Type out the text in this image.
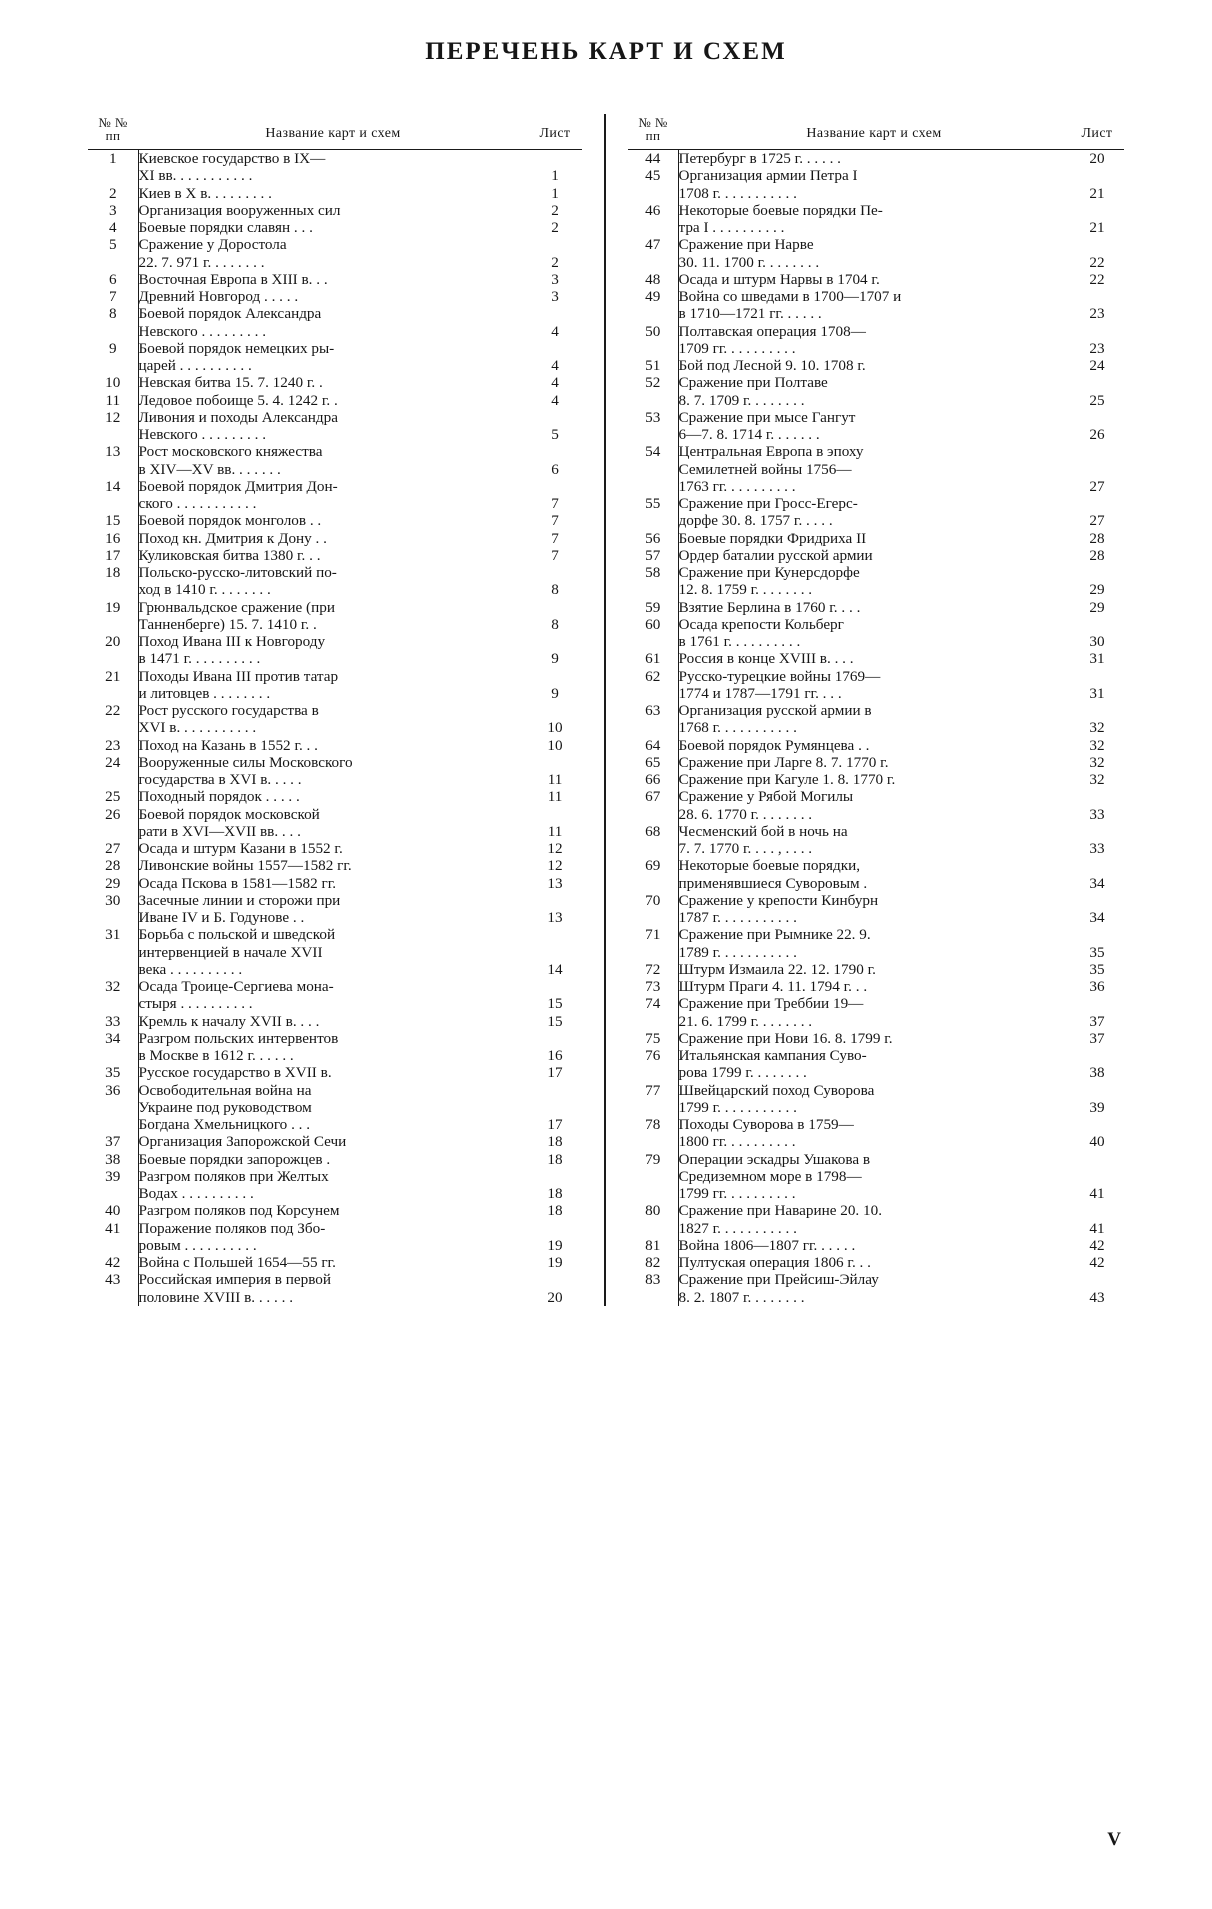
ПЕРЕЧЕНЬ КАРТ И СХЕМ
№ №
пп	Название карт и схем	Лист
1	Киевское государство в IX—
XI вв. . . . . . . . . . .	1

2	Киев в X в. . . . . . . . .	1

3	Организация вооруженных сил	2

4	Боевые порядки славян . . .	2

5	Сражение у Доростола
22. 7. 971 г. . . . . . . .	2

6	Восточная Европа в XIII в. . .	3

7	Древний Новгород . . . . .	3

8	Боевой порядок Александра
Невского . . . . . . . . .	4

9	Боевой порядок немецких ры-
царей . . . . . . . . . .	4

10	Невская битва 15. 7. 1240 г. .	4

11	Ледовое побоище 5. 4. 1242 г. .	4

12	Ливония и походы Александра
Невского . . . . . . . . .	5

13	Рост московского княжества
в XIV—XV вв. . . . . . .	6

14	Боевой порядок Дмитрия Дон-
ского . . . . . . . . . . .	7

15	Боевой порядок монголов . .	7

16	Поход кн. Дмитрия к Дону . .	7

17	Куликовская битва 1380 г. . .	7

18	Польско-русско-литовский по-
ход в 1410 г. . . . . . . .	8

19	Грюнвальдское сражение (при
Танненберге) 15. 7. 1410 г. .	8

20	Поход Ивана III к Новгороду
в 1471 г. . . . . . . . . .	9

21	Походы Ивана III против татар
и литовцев . . . . . . . .	9

22	Рост русского государства в
XVI в. . . . . . . . . . .	10

23	Поход на Казань в 1552 г. . .	10

24	Вооруженные силы Московского
государства в XVI в. . . . .	11

25	Походный порядок . . . . .	11

26	Боевой порядок московской
рати в XVI—XVII вв. . . .	11

27	Осада и штурм Казани в 1552 г.	12

28	Ливонские войны 1557—1582 гг.	12

29	Осада Пскова в 1581—1582 гг.	13

30	Засечные линии и сторожи при
Иване IV и Б. Годунове . .	13

31	Борьба с польской и шведской
интервенцией в начале XVII
века . . . . . . . . . .	14

32	Осада Троице-Сергиева мона-
стыря . . . . . . . . . .	15

33	Кремль к началу XVII в. . . .	15

34	Разгром польских интервентов
в Москве в 1612 г. . . . . .	16

35	Русское государство в XVII в.	17

36	Освободительная война на
Украине под руководством
Богдана Хмельницкого . . .	17

37	Организация Запорожской Сечи	18

38	Боевые порядки запорожцев .	18

39	Разгром поляков при Желтых
Водах . . . . . . . . . .	18

40	Разгром поляков под Корсунем	18

41	Поражение поляков под Збо-
ровым . . . . . . . . . .	19

42	Война с Польшей 1654—55 гг.	19

43	Российская империя в первой
половине XVIII в. . . . . .	20
№ №
пп	Название карт и схем	Лист
44	Петербург в 1725 г. . . . . .	20

45	Организация армии Петра I
1708 г. . . . . . . . . . .	21

46	Некоторые боевые порядки Пе-
тра I . . . . . . . . . .	21

47	Сражение при Нарве
30. 11. 1700 г. . . . . . . .	22

48	Осада и штурм Нарвы в 1704 г.	22

49	Война со шведами в 1700—1707 и
в 1710—1721 гг. . . . . .	23

50	Полтавская операция 1708—
1709 гг. . . . . . . . . .	23

51	Бой под Лесной 9. 10. 1708 г.	24

52	Сражение при Полтаве
8. 7. 1709 г. . . . . . . .	25

53	Сражение при мысе Гангут
6—7. 8. 1714 г. . . . . . .	26

54	Центральная Европа в эпоху
Семилетней войны 1756—
1763 гг. . . . . . . . . .	27

55	Сражение при Гросс-Егерс-
дорфе 30. 8. 1757 г. . . . .	27

56	Боевые порядки Фридриха II	28

57	Ордер баталии русской армии	28

58	Сражение при Кунерсдорфе
12. 8. 1759 г. . . . . . . .	29

59	Взятие Берлина в 1760 г. . . .	29

60	Осада крепости Кольберг
в 1761 г. . . . . . . . . .	30

61	Россия в конце XVIII в. . . .	31

62	Русско-турецкие войны 1769—
1774 и 1787—1791 гг. . . .	31

63	Организация русской армии в
1768 г. . . . . . . . . . .	32

64	Боевой порядок Румянцева . .	32

65	Сражение при Ларге 8. 7. 1770 г.	32

66	Сражение при Кагуле 1. 8. 1770 г.	32

67	Сражение у Рябой Могилы
28. 6. 1770 г. . . . . . . .	33

68	Чесменский бой в ночь на
7. 7. 1770 г. . . . , . . . .	33

69	Некоторые боевые порядки,
применявшиеся Суворовым .	34

70	Сражение у крепости Кинбурн
1787 г. . . . . . . . . . .	34

71	Сражение при Рымнике 22. 9.
1789 г. . . . . . . . . . .	35

72	Штурм Измаила 22. 12. 1790 г.	35

73	Штурм Праги 4. 11. 1794 г. . .	36

74	Сражение при Треббии 19—
21. 6. 1799 г. . . . . . . .	37

75	Сражение при Нови 16. 8. 1799 г.	37

76	Итальянская кампания Суво-
рова 1799 г. . . . . . . .	38

77	Швейцарский поход Суворова
1799 г. . . . . . . . . . .	39

78	Походы Суворова в 1759—
1800 гг. . . . . . . . . .	40

79	Операции эскадры Ушакова в
Средиземном море в 1798—
1799 гг. . . . . . . . . .	41

80	Сражение при Наварине 20. 10.
1827 г. . . . . . . . . . .	41

81	Война 1806—1807 гг. . . . . .	42

82	Пултуская операция 1806 г. . .	42

83	Сражение при Прейсиш-Эйлау
8. 2. 1807 г. . . . . . . .	43
V
